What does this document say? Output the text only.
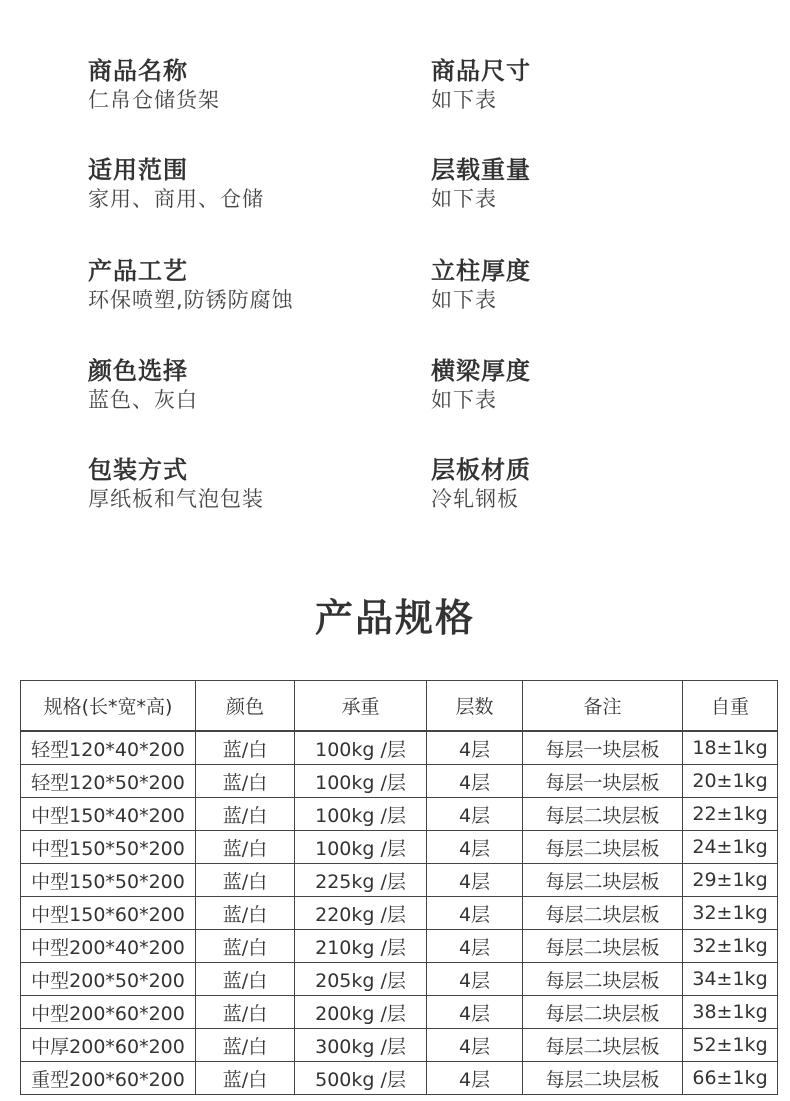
商品名称
仁帛仓储货架
适用范围
家用、商用、仓储
产品工艺
环保喷塑,防锈防腐蚀
颜色选择
蓝色、灰白
包装方式
厚纸板和气泡包装
商品尺寸
如下表
层载重量
如下表
立柱厚度
如下表
横梁厚度
如下表
层板材质
冷轧钢板
产品规格
规格(长*宽*高)	颜色	承重	层数	备注	自重
轻型120*40*200	蓝/白	100kg /层	4层	每层一块层板	18±1kg
轻型120*50*200	蓝/白	100kg /层	4层	每层一块层板	20±1kg
中型150*40*200	蓝/白	100kg /层	4层	每层二块层板	22±1kg
中型150*50*200	蓝/白	100kg /层	4层	每层二块层板	24±1kg
中型150*50*200	蓝/白	225kg /层	4层	每层二块层板	29±1kg
中型150*60*200	蓝/白	220kg /层	4层	每层二块层板	32±1kg
中型200*40*200	蓝/白	210kg /层	4层	每层二块层板	32±1kg
中型200*50*200	蓝/白	205kg /层	4层	每层二块层板	34±1kg
中型200*60*200	蓝/白	200kg /层	4层	每层二块层板	38±1kg
中厚200*60*200	蓝/白	300kg /层	4层	每层二块层板	52±1kg
重型200*60*200	蓝/白	500kg /层	4层	每层二块层板	66±1kg
